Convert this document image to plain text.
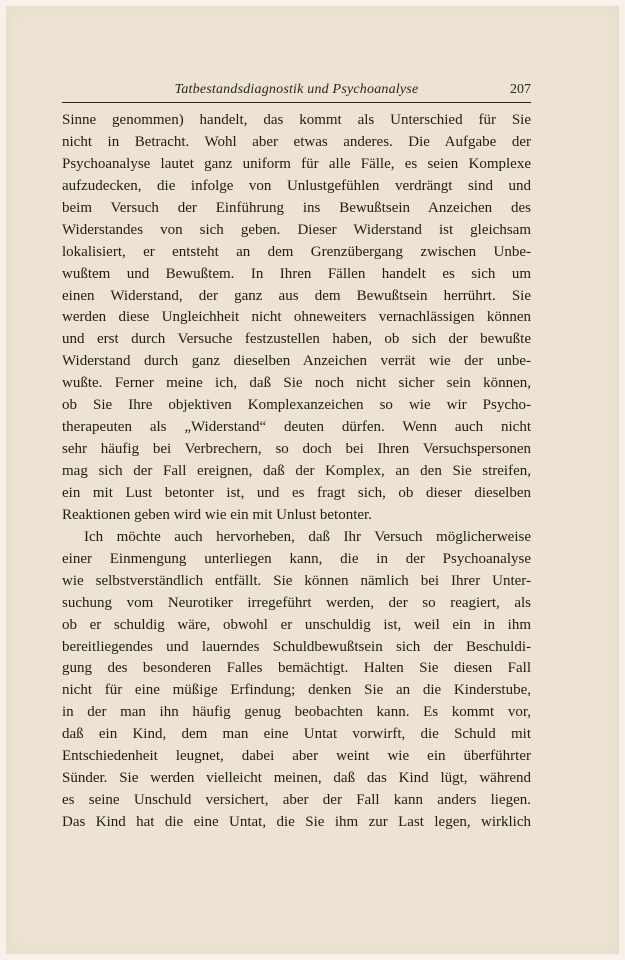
Tatbestandsdiagnostik und Psychoanalyse	207
Sinne genommen) handelt, das kommt als Unterschied für Sie
nicht in Betracht. Wohl aber etwas anderes. Die Aufgabe der
Psychoanalyse lautet ganz uniform für alle Fälle, es seien Komplexe
aufzudecken, die infolge von Unlustgefühlen verdrängt sind und
beim Versuch der Einführung ins Bewußtsein Anzeichen des
Widerstandes von sich geben. Dieser Widerstand ist gleichsam
lokalisiert, er entsteht an dem Grenzübergang zwischen Unbe-
wußtem und Bewußtem. In Ihren Fällen handelt es sich um
einen Widerstand, der ganz aus dem Bewußtsein herrührt. Sie
werden diese Ungleichheit nicht ohneweiters vernachlässigen können
und erst durch Versuche festzustellen haben, ob sich der bewußte
Widerstand durch ganz dieselben Anzeichen verrät wie der unbe-
wußte. Ferner meine ich, daß Sie noch nicht sicher sein können,
ob Sie Ihre objektiven Komplexanzeichen so wie wir Psycho-
therapeuten als „Widerstand“ deuten dürfen. Wenn auch nicht
sehr häufig bei Verbrechern, so doch bei Ihren Versuchspersonen
mag sich der Fall ereignen, daß der Komplex, an den Sie streifen,
ein mit Lust betonter ist, und es fragt sich, ob dieser dieselben
Reaktionen geben wird wie ein mit Unlust betonter.
Ich möchte auch hervorheben, daß Ihr Versuch möglicherweise
einer Einmengung unterliegen kann, die in der Psychoanalyse
wie selbstverständlich entfällt. Sie können nämlich bei Ihrer Unter-
suchung vom Neurotiker irregeführt werden, der so reagiert, als
ob er schuldig wäre, obwohl er unschuldig ist, weil ein in ihm
bereitliegendes und lauerndes Schuldbewußtsein sich der Beschuldi-
gung des besonderen Falles bemächtigt. Halten Sie diesen Fall
nicht für eine müßige Erfindung; denken Sie an die Kinderstube,
in der man ihn häufig genug beobachten kann. Es kommt vor,
daß ein Kind, dem man eine Untat vorwirft, die Schuld mit
Entschiedenheit leugnet, dabei aber weint wie ein überführter
Sünder. Sie werden vielleicht meinen, daß das Kind lügt, während
es seine Unschuld versichert, aber der Fall kann anders liegen.
Das Kind hat die eine Untat, die Sie ihm zur Last legen, wirklich
